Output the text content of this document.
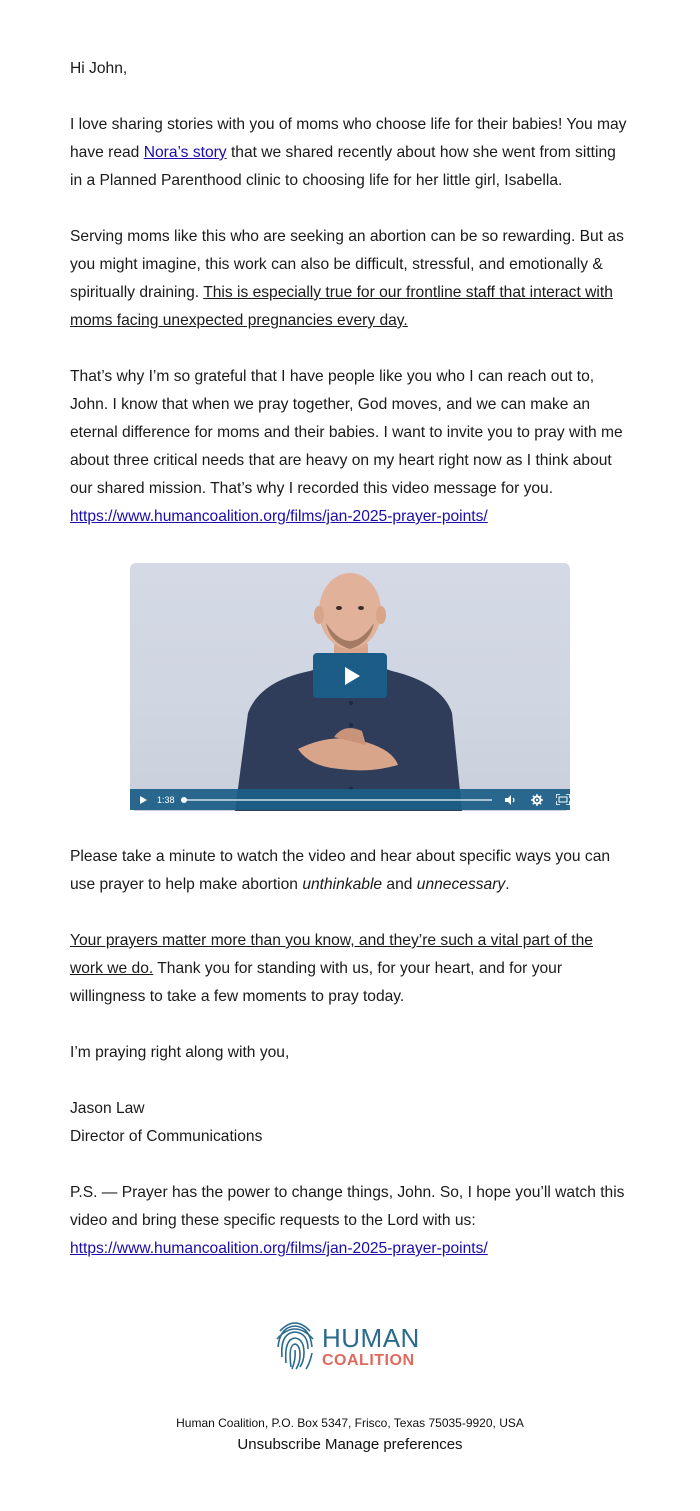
Hi John,

I love sharing stories with you of moms who choose life for their babies! You may have read Nora’s story that we shared recently about how she went from sitting in a Planned Parenthood clinic to choosing life for her little girl, Isabella.

Serving moms like this who are seeking an abortion can be so rewarding. But as you might imagine, this work can also be difficult, stressful, and emotionally & spiritually draining. This is especially true for our frontline staff that interact with moms facing unexpected pregnancies every day.

That’s why I’m so grateful that I have people like you who I can reach out to, John. I know that when we pray together, God moves, and we can make an eternal difference for moms and their babies. I want to invite you to pray with me about three critical needs that are heavy on my heart right now as I think about our shared mission. That’s why I recorded this video message for you.
https://www.humancoalition.org/films/jan-2025-prayer-points/

Please take a minute to watch the video and hear about specific ways you can use prayer to help make abortion unthinkable and unnecessary.

Your prayers matter more than you know, and they’re such a vital part of the work we do. Thank you for standing with us, for your heart, and for your willingness to take a few moments to pray today.

I’m praying right along with you,

Jason Law
Director of Communications

P.S. — Prayer has the power to change things, John. So, I hope you’ll watch this video and bring these specific requests to the Lord with us:
https://www.humancoalition.org/films/jan-2025-prayer-points/

1:38
HUMAN
COALITION
Human Coalition, P.O. Box 5347, Frisco, Texas 75035-9920, USA
Unsubscribe Manage preferences
